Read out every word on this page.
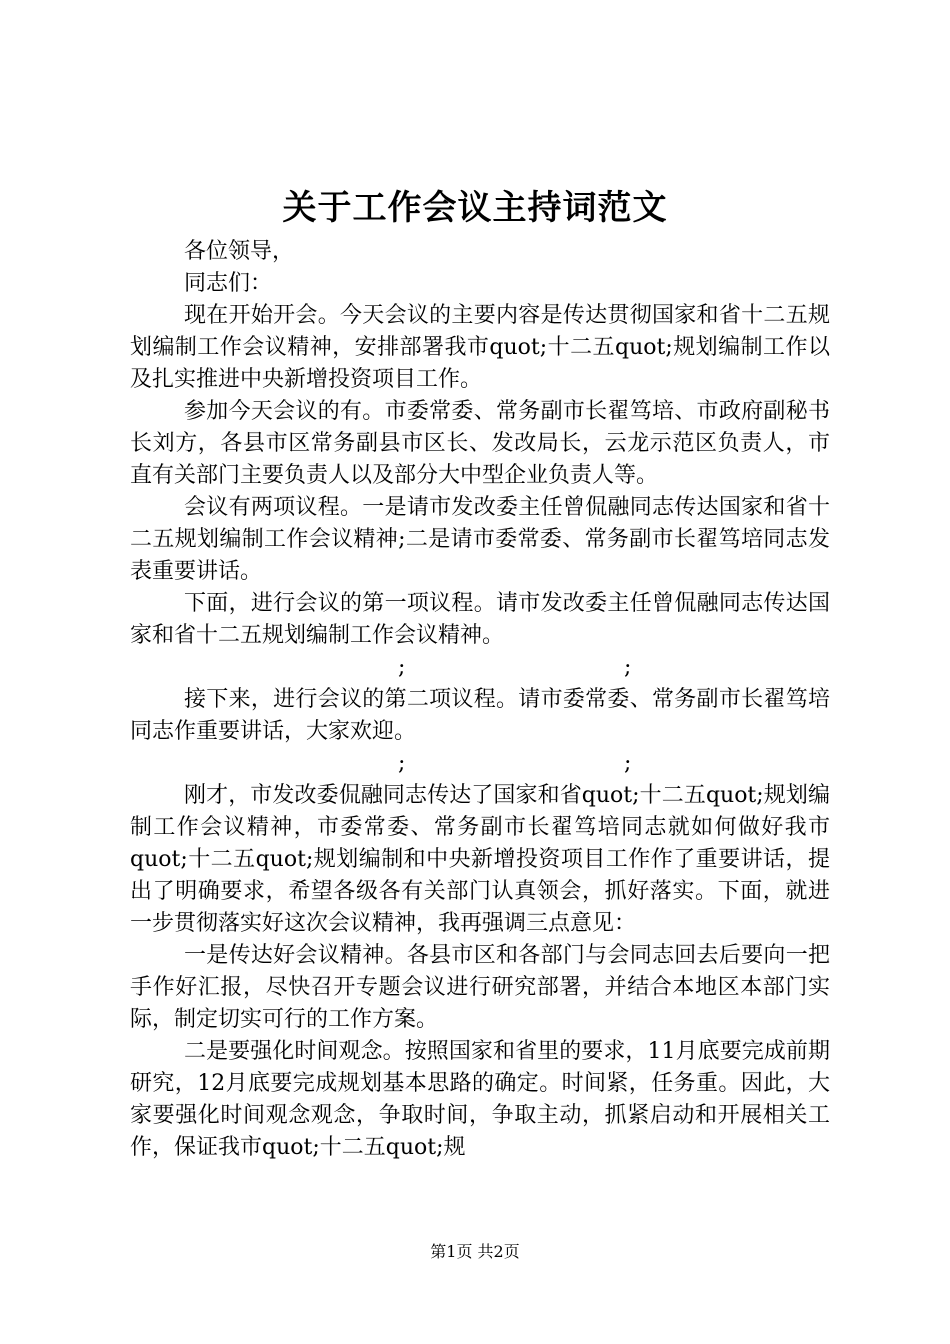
关于工作会议主持词范文

各位领导，

同志们：

现在开始开会。今天会议的主要内容是传达贯彻国家和省十二五规划编制工作会议精神，安排部署我市quot;十二五quot;规划编制工作以及扎实推进中央新增投资项目工作。

参加今天会议的有。市委常委、常务副市长翟笃培、市政府副秘书长刘方，各县市区常务副县市区长、发改局长，云龙示范区负责人，市直有关部门主要负责人以及部分大中型企业负责人等。

会议有两项议程。一是请市发改委主任曾侃融同志传达国家和省十二五规划编制工作会议精神;二是请市委常委、常务副市长翟笃培同志发表重要讲话。

下面，进行会议的第一项议程。请市发改委主任曾侃融同志传达国家和省十二五规划编制工作会议精神。

;	;

接下来，进行会议的第二项议程。请市委常委、常务副市长翟笃培同志作重要讲话，大家欢迎。

;	;

刚才，市发改委侃融同志传达了国家和省quot;十二五quot;规划编制工作会议精神，市委常委、常务副市长翟笃培同志就如何做好我市quot;十二五quot;规划编制和中央新增投资项目工作作了重要讲话，提出了明确要求，希望各级各有关部门认真领会，抓好落实。下面，就进一步贯彻落实好这次会议精神，我再强调三点意见：

一是传达好会议精神。各县市区和各部门与会同志回去后要向一把手作好汇报，尽快召开专题会议进行研究部署，并结合本地区本部门实际，制定切实可行的工作方案。

二是要强化时间观念。按照国家和省里的要求，11月底要完成前期研究，12月底要完成规划基本思路的确定。时间紧，任务重。因此，大家要强化时间观念观念，争取时间，争取主动，抓紧启动和开展相关工作，保证我市quot;十二五quot;规

第1页 共2页
